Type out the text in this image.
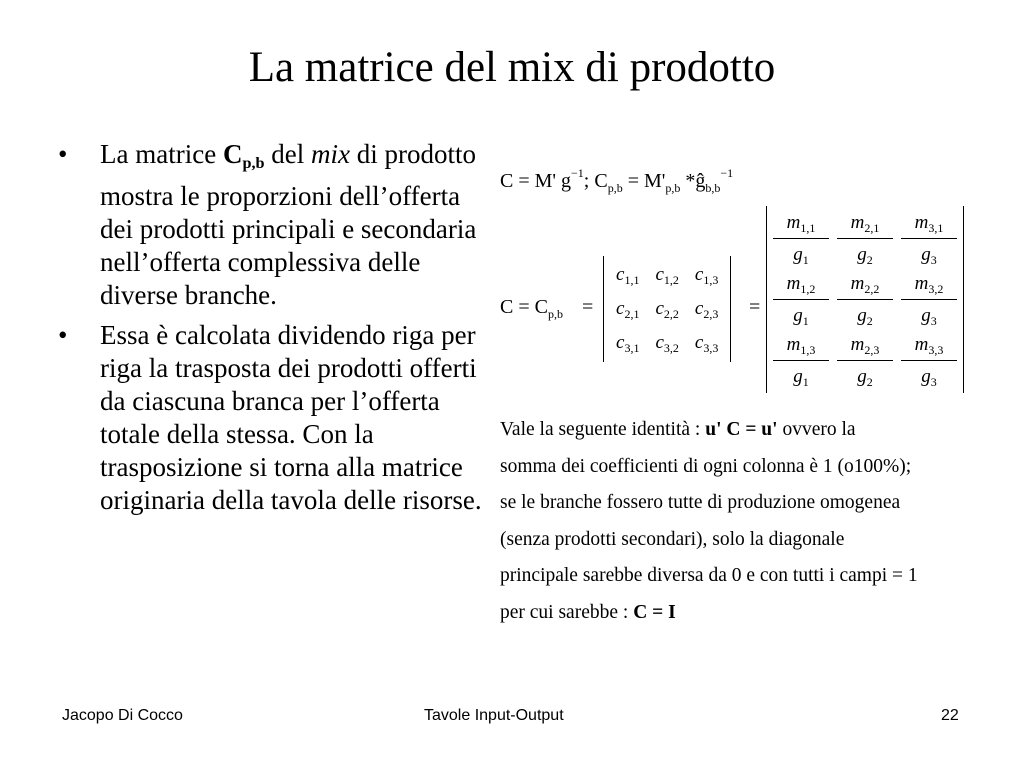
La matrice del mix di prodotto
• La matrice $C_{p,b}$ del mix di prodotto mostra le proporzioni dell’offerta dei prodotti principali e secondaria nell’offerta complessiva delle diverse branche.
• Essa è calcolata dividendo riga per riga la trasposta dei prodotti offerti da ciascuna branca per l’offerta totale della stessa. Con la trasposizione si torna alla matrice originaria della tavola delle risorse.
C = M' $g^{-1}$; $C_{p,b} = M'_{p,b}$ $*ĝ_{b,b}^{-1}$
$C = C_{p,b}$ =
$c_{1,1}$	$c_{1,2}$	$c_{1,3}$
$c_{2,1}$	$c_{2,2}$	$c_{2,3}$
$c_{3,1}$	$c_{3,2}$	$c_{3,3}$
=
$\frac{m_{1,1}}{g_1}$	$\frac{m_{2,1}}{g_2}$	$\frac{m_{3,1}}{g_3}$

$\frac{m_{1,2}}{g_1}$	$\frac{m_{2,2}}{g_2}$	$\frac{m_{3,2}}{g_3}$

$\frac{m_{1,3}}{g_1}$	$\frac{m_{2,3}}{g_2}$	$\frac{m_{3,3}}{g_3}$
Vale la seguente identità : u' C = u' ovvero la
somma dei coefficienti di ogni colonna è 1 (o100%);
se le branche fossero tutte di produzione omogenea
(senza prodotti secondari), solo la diagonale
principale sarebbe diversa da 0 e con tutti i campi = 1
per cui sarebbe : C = I
Jacopo Di Cocco	Tavole Input-Output	22
